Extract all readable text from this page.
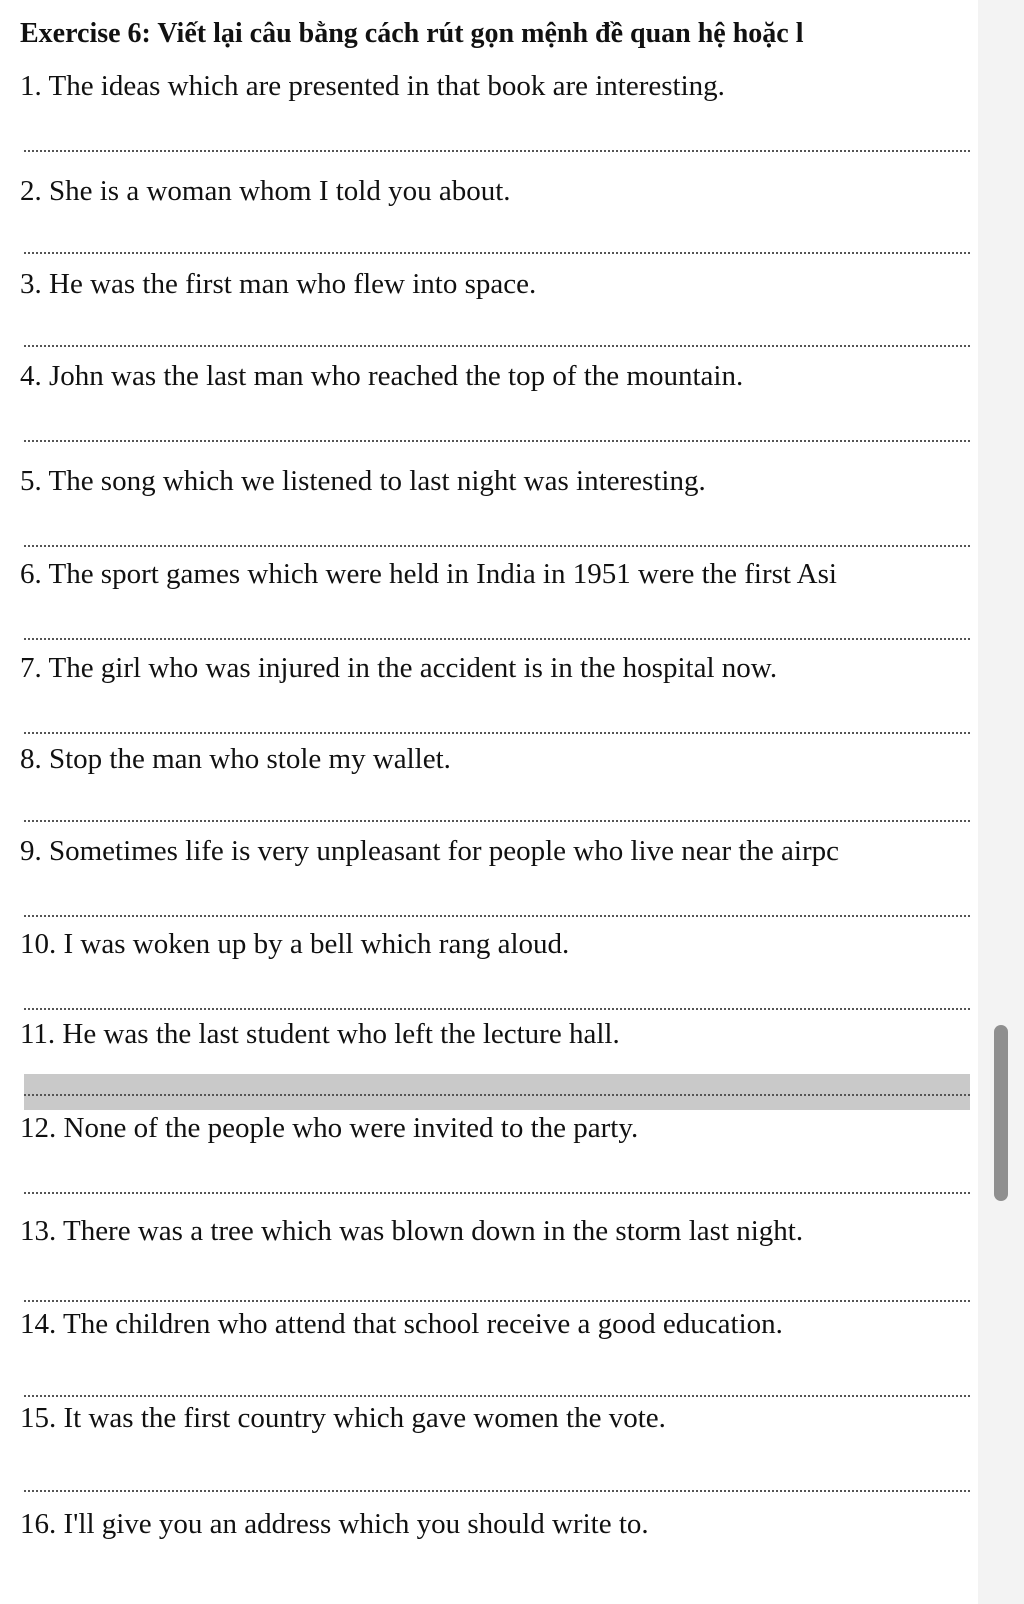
Exercise 6: Viết lại câu bằng cách rút gọn mệnh đề quan hệ hoặc l
1. The ideas which are presented in that book are interesting.
2. She is a woman whom I told you about.
3. He was the first man who flew into space.
4. John was the last man who reached the top of the mountain.
5. The song which we listened to last night was interesting.
6. The sport games which were held in India in 1951 were the first Asi
7. The girl who was injured in the accident is in the hospital now.
8. Stop the man who stole my wallet.
9. Sometimes life is very unpleasant for people who live near the airpc
10. I was woken up by a bell which rang aloud.
11. He was the last student who left the lecture hall.
12. None of the people who were invited to the party.
13. There was a tree which was blown down in the storm last night.
14. The children who attend that school receive a good education.
15. It was the first country which gave women the vote.
16. I'll give you an address which you should write to.
